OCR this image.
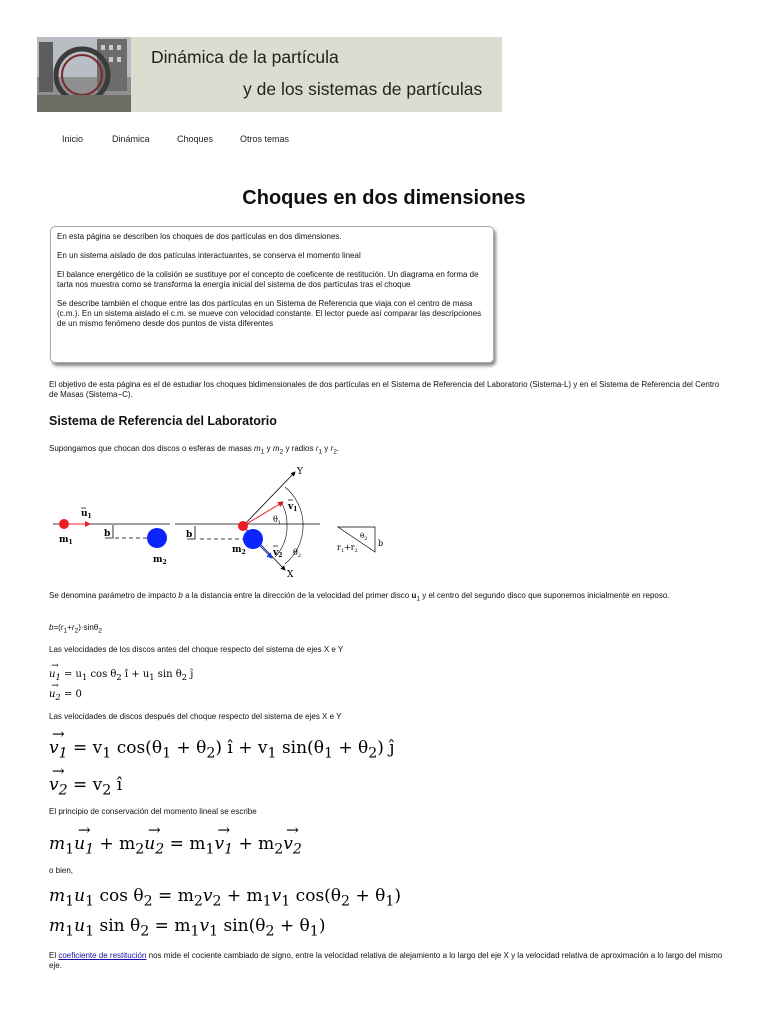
Dinámica de la partícula
y de los sistemas de partículas
Inicio	Dinámica	Choques	Otros temas
Choques en dos dimensiones

En esta página se describen los choques de dos partículas en dos dimensiones.

En un sistema aislado de dos patículas interactuantes, se conserva el momento lineal

El balance energético de la colisión se sustituye por el concepto de coeficente de restitución. Un diagrama en forma de tarta nos muestra como se transforma la energía inicial del sistema de dos partículas tras el choque

Se describe también el choque entre las dos partículas en un Sistema de Referencia que viaja con el centro de masa (c.m.). En un sistema aislado el c.m. se mueve con velocidad constante. El lector puede así comparar las descripciones de un mismo fenómeno desde dos puntos de vista diferentes

El objetivo de esta página es el de estudiar los choques bidimensionales de dos partículas en el Sistema de Referencia del Laboratorio (Sistema-L) y en el Sistema de Referencia del Centro de Masas (Sistema−C).
Sistema de Referencia del Laboratorio
Supongamos que chocan dos discos o esferas de masas $m_1$ y $m_2$ y radios $r_1$ y $r_2$.
$u_1$
$m_1$
b
$m_2$
b
$m_2$
Y
X
$v_1$
$v_2$
$\theta_1$
$\theta_2$
$r_1+r_2$
$\theta_2$ b
Se denomina parámetro de impacto b a la distancia entre la dirección de la velocidad del primer disco $u_1$ y el centro del segundo disco que suponemos inicialmente en reposo.
$b=(r_1+r_2)\cdot\sin\theta_2$
Las velocidades de los discos antes del choque respecto del sistema de ejes X e Y
→ $u_1 = u_1$ $\cos \theta_2$ î + $u_1$ $\sin \theta_2$ ĵ
→ $u_2 = 0$
Las velocidades de discos después del choque respecto del sistema de ejes X e Y
→ $v_1 = v_1$ $\cos(\theta_1 + \theta_2)$ î + $v_1$ $\sin(\theta_1 + \theta_2)$ ĵ
→ $v_2 = v_2$ î
El principio de conservación del momento lineal se escribe
$m_1\to u_1 + m_2\to u_2 = m_1\to v_1 + m_2\to v_2$
o bien,
$m_1u_1$ $\cos \theta_2 = m_2v_2 + m_1v_1$ $\cos(\theta_2 + \theta_1)$
$m_1u_1$ $\sin \theta_2 = m_1v_1$ $\sin(\theta_2 + \theta_1)$
El coeficiente de restitución nos mide el cociente cambiado de signo, entre la velocidad relativa de alejamiento a lo largo del eje X y la velocidad relativa de aproximación a lo largo del mismo eje.
